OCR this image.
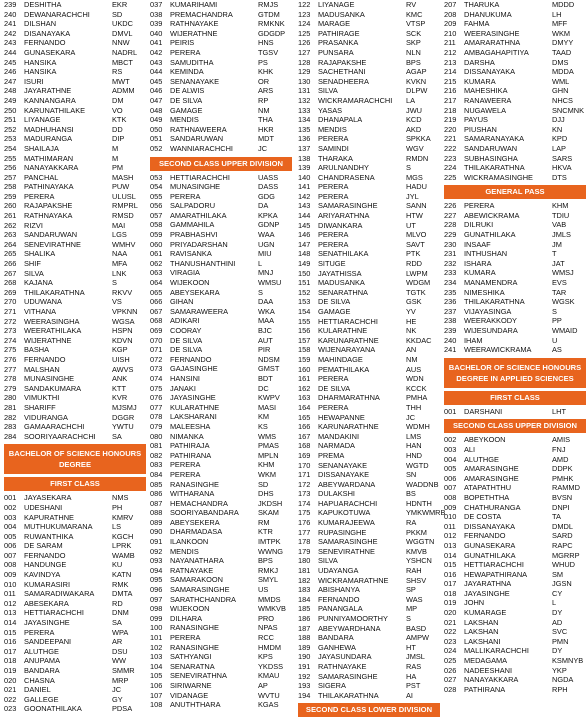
239	DESHITHA	EKR
240	DEWANARACHCHI	SD
241	DILSHAN	UKDC
242	DISANAYAKA	DMVL
243	FERNANDO	NNW
244	GUNASEKARA	NADRL
245	HANSIKA	MBCT
246	HANSIKA	RS
247	ISURI	MWT
248	JAYARATHNE	ADMM
249	KANNANGARA	DM
250	KARUNATHILAKE	VO
251	LIYANAGE	KTK
252	MADHUHANSI	DD
253	MADURANGA	DIP
254	SHAILAJA	M
255	MATHIMARAN	M
256	NANAYAKKARA	PM
257	PANCHAL	MASH
258	PATHINAYAKA	PUW
259	PERERA	ULUSL
260	RAJAPAKSHE	RMPRL
261	RATHNAYAKA	RMSD
262	RIZVI	MAI
263	SANDARUWAN	LGS
264	SENEVIRATHNE	WMHV
265	SHALIKA	NAA
266	SHIF	MFA
267	SILVA	LNK
268	KAJANA	S
269	THILAKARATHNA	RKVV
270	UDUWANA	VS
271	VITHANA	VPKNN
272	WEERASINGHA	WGSA
273	WEERATHILAKA	HSPN
274	WIJERATHNE	KDVN
275	BASHA	KGP
276	FERNANDO	UISH
277	MALSHAN	AWVS
278	MUNASINGHE	ANK
279	SANDAKUMARA	KTT
280	VIMUKTHI	KVR
281	SHARIFF	MJSMJ
282	VIDURANGA	DGGR
283	GAMAARACHCHI	YWTU
284	SOORIYAARACHCHI	SA
BACHELOR OF SCIENCE HONOURS DEGREE
FIRST CLASS
001	JAYASEKARA	NMS
002	UDESHANI	PH
003	KAPURATHNE	KMRV
004	MUTHUKUMARANA	LS
005	RUWANTHIKA	KGCH
006	DE SARAM	LPRK
007	FERNANDO	WAMB
008	HANDUNGE	KU
009	KAVINDYA	KATN
010	KUMARASIRI	RMK
011	SAMARADIWAKARA	DMTA
012	ABESEKARA	RD
013	HETTIARACHCHI	DNM
014	JAYASINGHE	SA
015	PERERA	WPA
016	SANDEEPANI	AR
017	ALUTHGE	DSU
018	ANUPAMA	WW
019	BANDARA	SMMR
020	CHASNA	MRP
021	DANIEL	JC
022	GALLEGE	GY
023	GOONATHILAKA	PDSA
037	KUMARIHAMI	RMJS
038	PREMACHANDRA	GTDM
039	RATHNAYAKE	RMKNK
040	WIJERATHNE	GDGDP
041	PEIRIS	HNS
042	PERERA	TGSV
043	SAMUDITHA	PS
044	KEMINDA	KHK
045	SENANAYAKE	OR
046	DE ALWIS	ARS
047	DE SILVA	RP
048	GAMAGE	NM
049	MENDIS	THA
050	RATHNAWEERA	HKR
051	SANDARUWAN	MDT
052	WANNIARACHCHI	JC
SECOND CLASS UPPER DIVISION
053	HETTIARACHCHI	UASS
054	MUNASINGHE	DASS
055	PERERA	GDG
056	SALPADORU	DA
057	AMARATHILAKA	KPKA
058	GAMMAHILA	GDNP
059	PRABHASHVI	WAA
060	PRIYADARSHAN	UGN
061	RAVISANKA	MIU
062	THANUSHANTHINI	L
063	VIRAGIA	MNJ
064	WIJEKOON	WMSU
065	ABEYSEKARA	S
066	GIHAN	DAA
067	SAMARAWEERA	WKA
068	ADIKARI	MAA
069	COORAY	BJC
070	DE SILVA	AUT
071	DE SILVA	PIR
072	FERNANDO	NDSM
073	GAJASINGHE	GMST
074	HANSINI	BDT
075	JANAKI	DC
076	JAYASINGHE	KWPV
077	KULARATHNE	MASI
078	LAKSHARANI	KM
079	MALEESHA	KS
080	NIMANKA	WMS
081	PATHIRAJA	PMAS
082	PATHIRANA	MPLN
083	PERERA	KHM
084	PERERA	WKM
085	RANASINGHE	SD
086	WITHARANA	DHS
087	HEMACHANDRA	JKDSH
088	SOORIYABANDARA	SKAM
089	ABEYSEKERA	RM
090	DHARMADASA	KTR
091	ILANKOON	IMTPK
092	MENDIS	WWNG
093	NAYANATHARA	BPS
094	RATNAYAKE	RMKJ
095	SAMARAKOON	SMYL
096	SAMARASINGHE	US
097	SARATHCHANDRA	MMDS
098	WIJEKOON	WMKVB
099	DILHARA	PRO
100	RANASINGHE	NPAS
101	PERERA	RCC
102	RANASINGHE	HMDM
103	SATHYANGI	KPS
104	SENARATNA	YKDSS
105	SENEVIRATHNA	KMAU
106	SIRIWARNE	AP
107	VIDANAGE	WVTU
108	ANUTHTHARA	KGAS
122	LIYANAGE	RV
123	MADUSANKA	KMC
124	MARAGE	VTSP
125	PATHIRAGE	SCK
126	PRASANKA	SKP
127	PUNSARA	NLN
128	RAJAPAKSHE	BPS
129	SACHETHANI	AGAP
130	SENADHEERA	KVKN
131	SILVA	DLPW
132	WICKRAMARACHCHI	LA
133	YASAS	JWU
134	DHANAPALA	KCD
135	MENDIS	AKD
136	PERERA	SPKKA
137	SAMINDI	WGV
138	THARAKA	RMDN
139	ARULNANDHY	S
140	CHANDRASENA	MGS
141	PERERA	HADU
142	PERERA	JYL
143	SAMARASINGHE	SANN
144	ARIYARATHNA	HTW
145	DIWANKARA	UT
146	PERERA	MLVO
147	PERERA	SAVT
148	SENATHILAKA	PTK
149	SITUGE	RDD
150	JAYATHISSA	LWPM
151	MADUSANKA	WDGM
152	SENARATHNA	TGTK
153	DE SILVA	GSK
154	GAMAGE	YV
155	HETTIARACHCHI	HE
156	KULARATHNE	NK
157	KARUNARATHNE	KKDAC
158	WIJENARAYANA	AN
159	MAHINDAGE	NM
160	PEMATHILAKA	AUS
161	PERERA	WDN
162	DE SILVA	KCCK
163	DHARMARATHNA	PMHA
164	PERERA	THH
165	HEWAPANNE	JC
166	KARUNARATHNE	WDMH
167	MANDAKINI	LMS
168	NARMADA	HAN
169	PREMA	HND
170	SENANAYAKE	WGTD
171	DISSANAYAKE	SN
172	ABEYWARDANA	WADDNB
173	DULAKSHI	BS
174	HAPUARACHCHI	HDNTH
175	KAPUKOTUWA	YMKWMRB
176	KUMARAJEEWA	RA
177	RUPASINGHE	PKKM
178	SAMARASINGHE	WGGTN
179	SENEVIRATHNE	KMVB
180	SILVA	YSHCN
181	UDAYANGA	RAH
182	WICKRAMARATHNE	SHSV
183	ABISHANYA	SP
184	FERNANDO	WAS
185	PANANGALA	MP
186	PUNNIYAMOORTHY	S
187	ABEYWARDHANA	BASD
188	BANDARA	AMPW
189	GANHEWA	HT
190	JAYASUNDARA	JMSL
191	RATHNAYAKE	RAS
192	SAMARASINGHE	HA
193	SIGERA	PST
194	THILAKARATHNA	AI
SECOND CLASS LOWER DIVISION
207	THARUKA	MDDD
208	DHANUKUMA	LH
209	FAHMA	MFF
210	WEERASINGHE	WKM
211	AMARARATHNA	DMYY
212	AMBAGAHAPITIYA	TAAD
213	DARSHA	DMS
214	DISSANAYAKA	MDDA
215	KUMARA	WML
216	MAHESHIKA	GHN
217	RANAWEERA	NHCS
218	NUGAWELA	SNCMNK
219	PAYUS	DJJ
220	PIUSHAN	KN
221	SAMARANAYAKA	KPD
222	SANDARUWAN	LAP
223	SUBHASINGHA	SARS
224	THILAKARATHNA	HKVA
225	WICKRAMASINGHE	DTS
GENERAL PASS
226	PERERA	KHM
227	ABEWICKRAMA	TDIU
228	DILRUKI	VAB
229	GUNATHILAKA	JMLS
230	INSAAF	JM
231	INTHUSHAN	T
232	ISHARA	JAT
233	KUMARA	WMSJ
234	MANAMENDRA	EVS
235	NIMESHIKA	TAR
236	THILAKARATHNA	WGSK
237	VIJAYASINGA	S
238	WEERAKKODY	PP
239	WIJESUNDARA	WMAID
240	IHAM	U
241	WEERAWICKRAMA	AS
BACHELOR OF SCIENCE HONOURS DEGREE IN APPLIED SCIENCES
FIRST CLASS
001	DARSHANI	LHT
SECOND CLASS UPPER DIVISION
002	ABEYKOON	AMIS
003	ALI	FNJ
004	ALUTHGE	AMD
005	AMARASINGHE	DDPK
006	AMARASINGHE	PMHK
007	ATAPATHTHU	RAMMD
008	BOPETHTHA	BVSN
009	CHATHURANGA	DNPI
010	DE COSTA	TA
011	DISSANAYAKA	DMDL
012	FERNANDO	SARD
013	GUNASEKARA	RAPC
014	GUNATHILAKA	MGRRP
015	HETTIARACHCHI	WHUD
016	HEWAPATHIRANA	SM
017	JAYARATHNA	JGSN
018	JAYASINGHE	CY
019	JOHN	L
020	KUMARAGE	DY
021	LAKSHAN	AD
022	LAKSHAN	SVC
023	LAKSHANI	PMN
024	MALLIKARACHCHI	DY
025	MEDAGAMA	KSMNYB
026	NADEESHANI	YKP
027	NANAYAKKARA	NGDA
028	PATHIRANA	RPH
